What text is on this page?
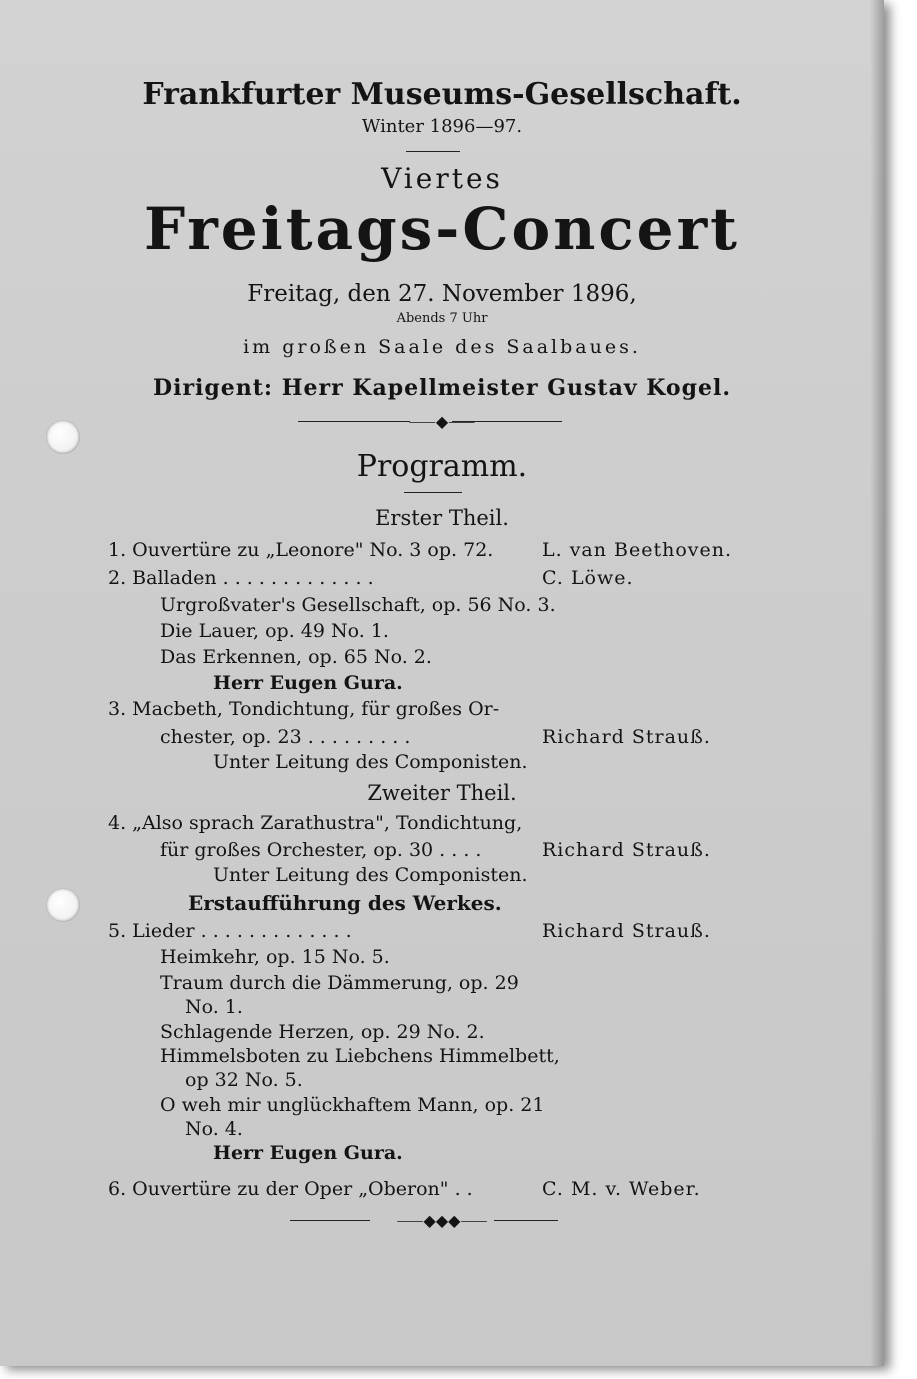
Frankfurter Museums-Gesellschaft.
Winter 1896—97.
Viertes
Freitags-Concert
Freitag, den 27. November 1896,
Abends 7 Uhr
im großen Saale des Saalbaues.
Dirigent: Herr Kapellmeister Gustav Kogel.
⸺◆⸺
Programm.
Erster Theil.
1. Ouvertüre zu „Leonore" No. 3 op. 72.	L. van Beethoven.
2. Balladen . . . . . . . . . . . . .	C. Löwe.
Urgroßvater's Gesellschaft, op. 56 No. 3.
Die Lauer, op. 49 No. 1.
Das Erkennen, op. 65 No. 2.
Herr Eugen Gura.
3. Macbeth, Tondichtung, für großes Or-
chester, op. 23 . . . . . . . . .	Richard Strauß.
Unter Leitung des Componisten.
Zweiter Theil.
4. „Also sprach Zarathustra", Tondichtung,
für großes Orchester, op. 30 . . . .	Richard Strauß.
Unter Leitung des Componisten.
Erstaufführung des Werkes.
5. Lieder . . . . . . . . . . . . .	Richard Strauß.
Heimkehr, op. 15 No. 5.
Traum durch die Dämmerung, op. 29
No. 1.
Schlagende Herzen, op. 29 No. 2.
Himmelsboten zu Liebchens Himmelbett,
op 32 No. 5.
O weh mir unglückhaftem Mann, op. 21
No. 4.
Herr Eugen Gura.
6. Ouvertüre zu der Oper „Oberon" . .	C. M. v. Weber.
⸺◆◆◆⸺
